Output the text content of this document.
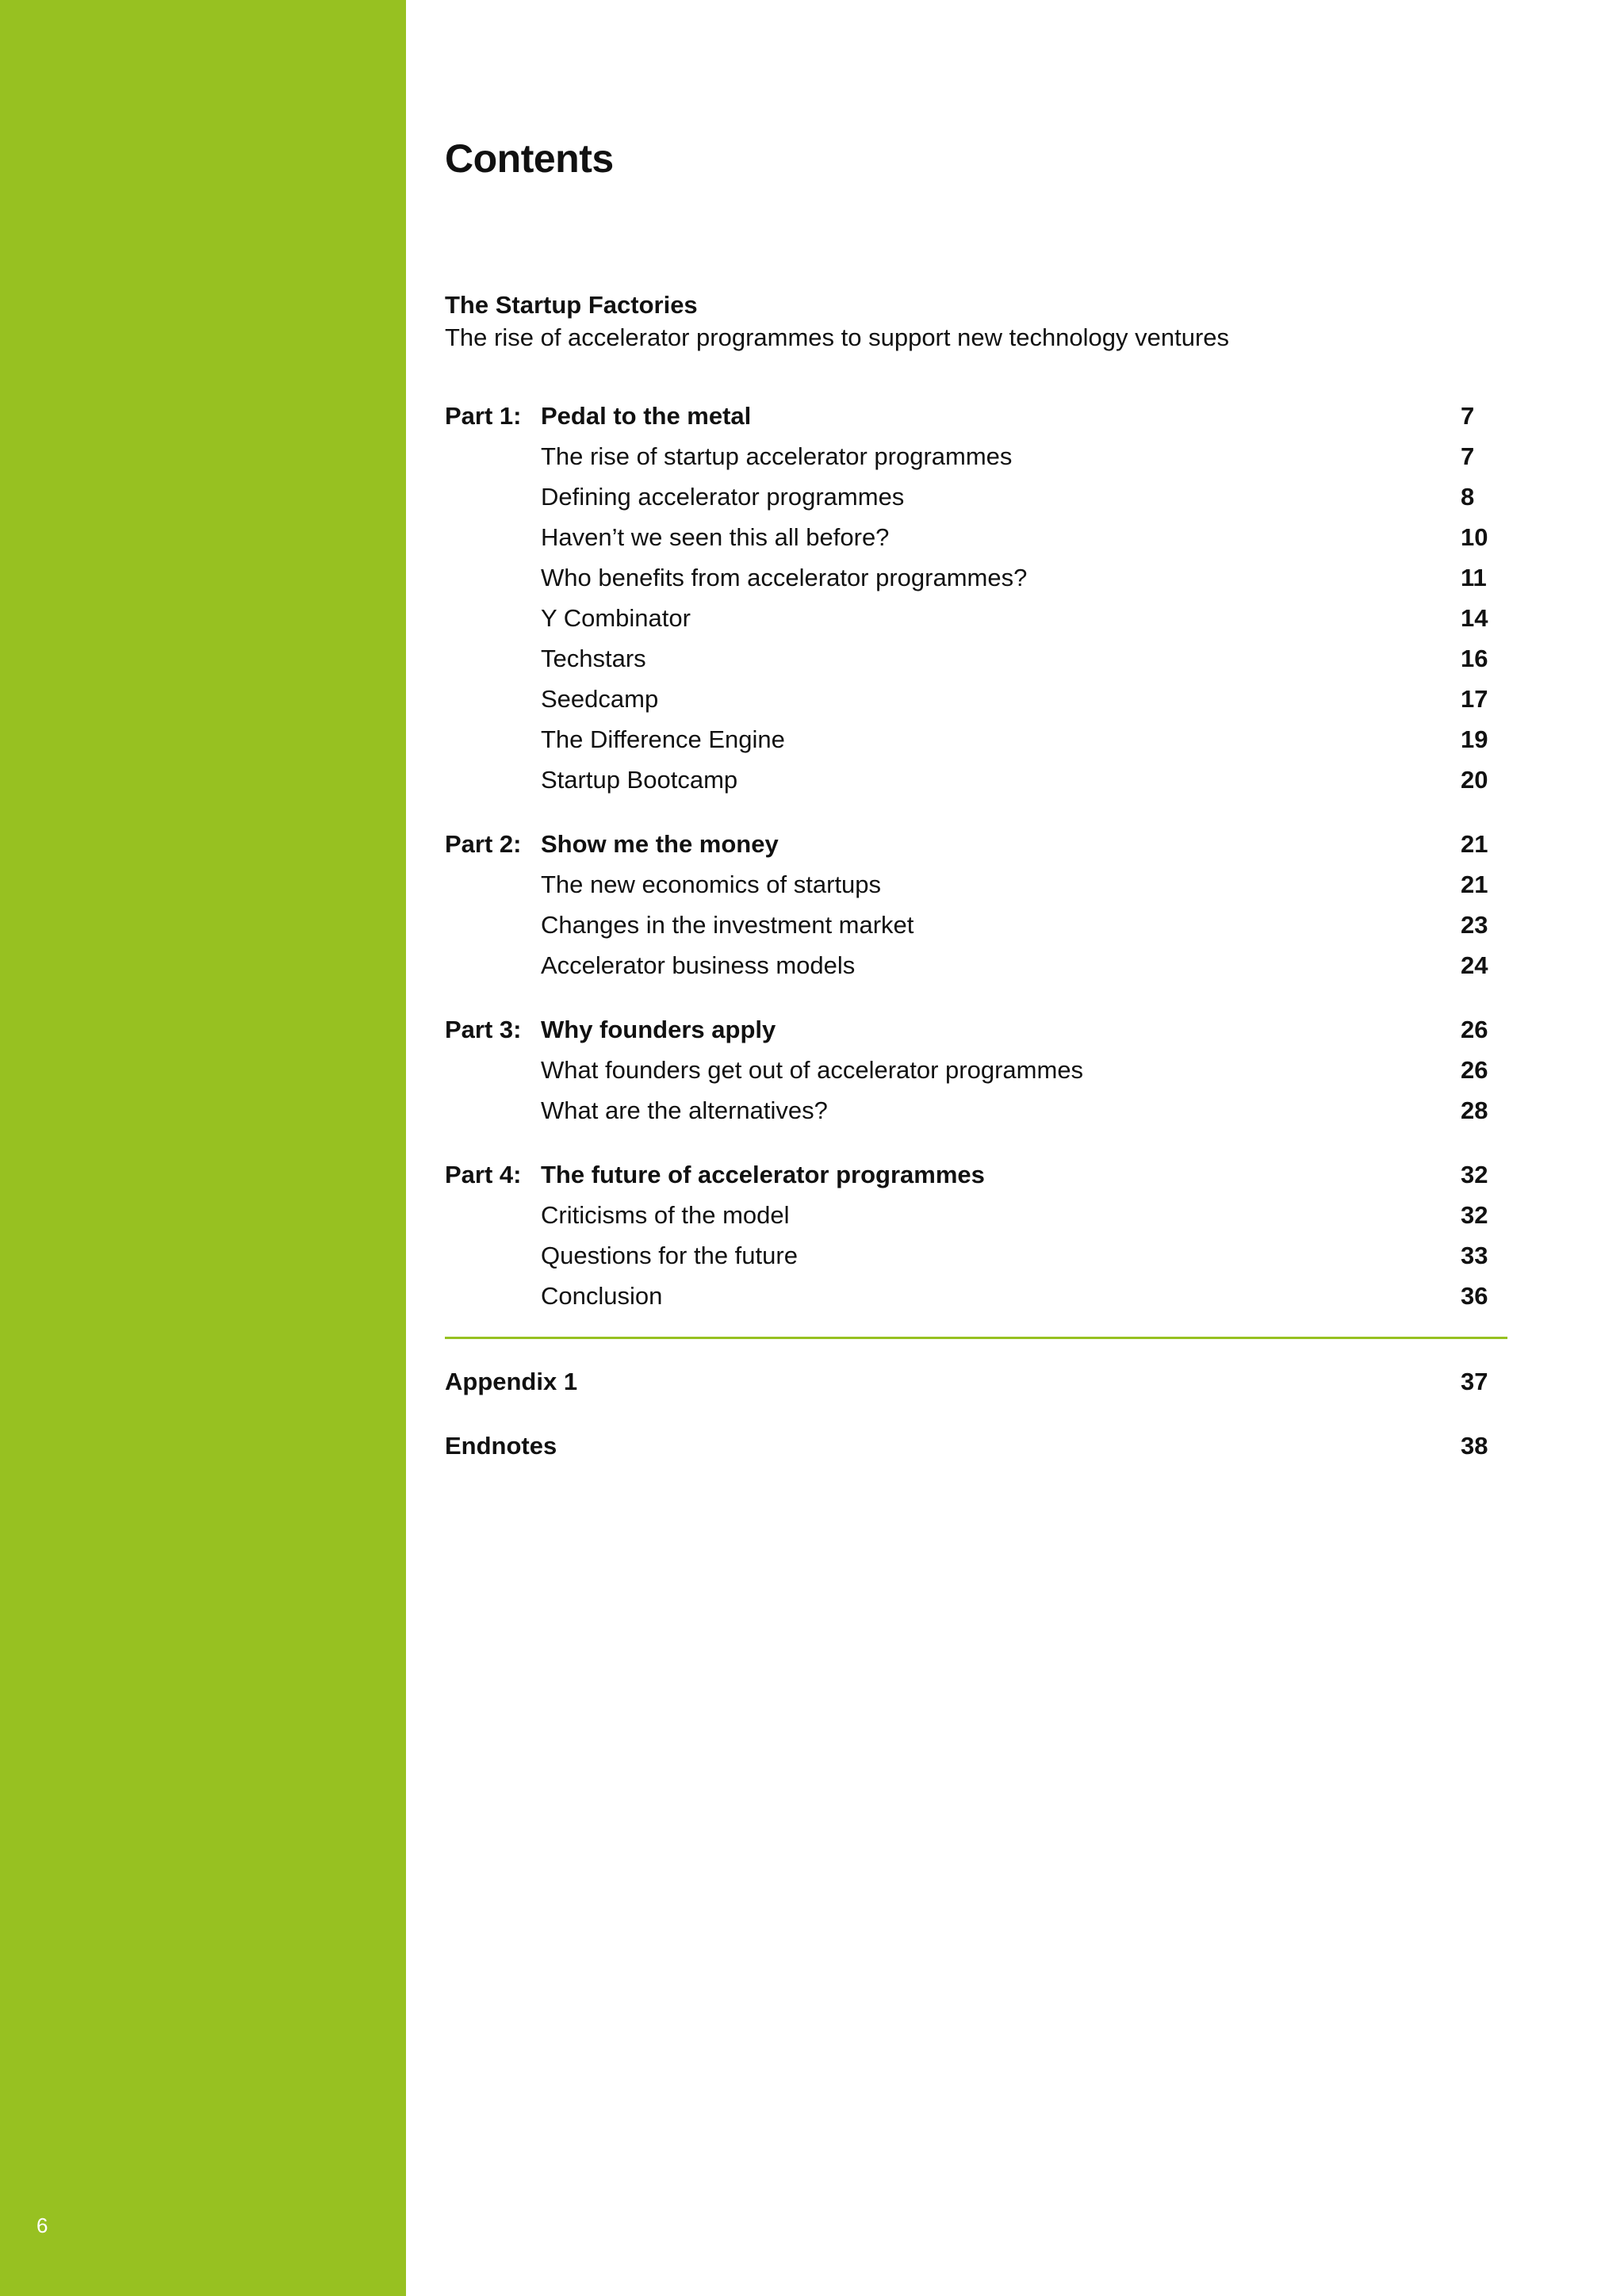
6
Contents
The Startup Factories
The rise of accelerator programmes to support new technology ventures
Part 1: Pedal to the metal	7
The rise of startup accelerator programmes	7
Defining accelerator programmes	8
Haven’t we seen this all before?	10
Who benefits from accelerator programmes?	11
Y Combinator	14
Techstars	16
Seedcamp	17
The Difference Engine	19
Startup Bootcamp	20
Part 2: Show me the money	21
The new economics of startups	21
Changes in the investment market	23
Accelerator business models	24
Part 3: Why founders apply	26
What founders get out of accelerator programmes	26
What are the alternatives?	28
Part 4: The future of accelerator programmes	32
Criticisms of the model	32
Questions for the future	33
Conclusion	36
Appendix 1	37
Endnotes	38
